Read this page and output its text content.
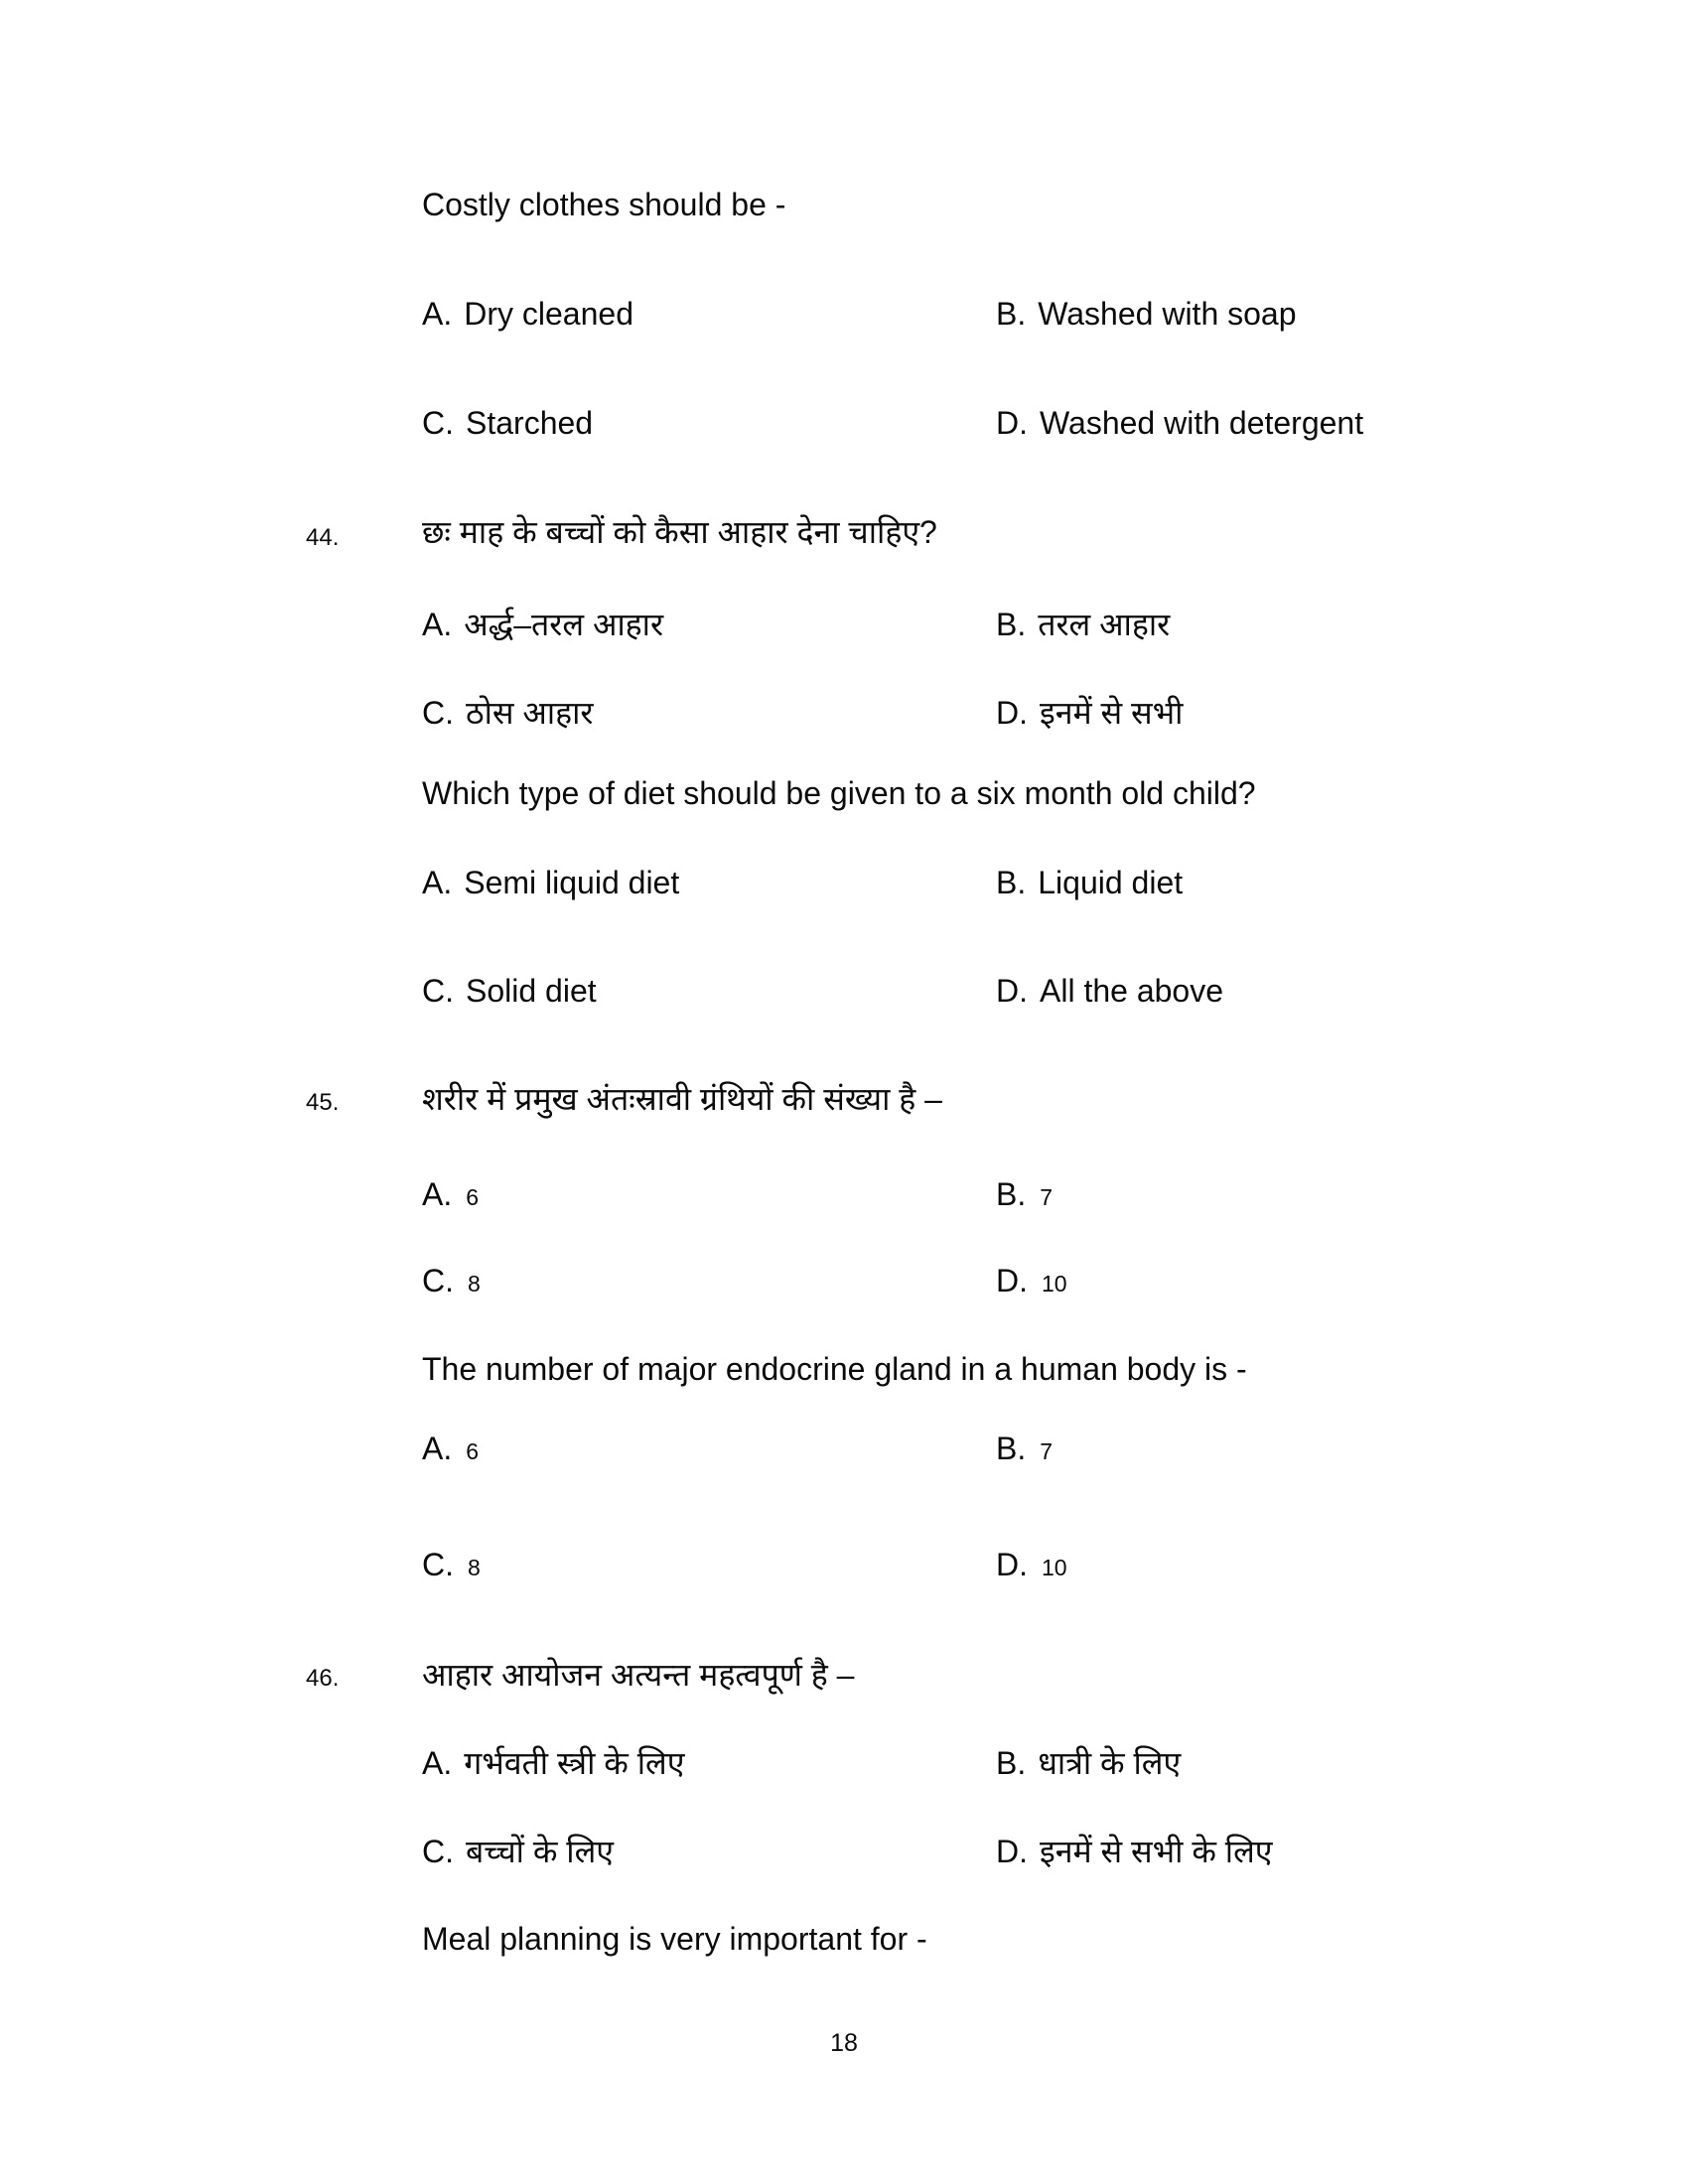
Costly clothes should be -
A. Dry cleaned	B. Washed with soap
C. Starched	D. Washed with detergent
44.	छः माह के बच्चों को कैसा आहार देना चाहिए?
A. अर्द्ध–तरल आहार	B. तरल आहार
C. ठोस आहार	D. इनमें से सभी
Which type of diet should be given to a six month old child?
A. Semi liquid diet	B. Liquid diet
C. Solid diet	D. All the above
45.	शरीर में प्रमुख अंतःस्रावी ग्रंथियों की संख्या है –
A. 6	B. 7
C. 8	D. 10
The number of major endocrine gland in a human body is -
A. 6	B. 7
C. 8	D. 10
46.	आहार आयोजन अत्यन्त महत्वपूर्ण है –
A. गर्भवती स्त्री के लिए	B. धात्री के लिए
C. बच्चों के लिए	D. इनमें से सभी के लिए
Meal planning is very important for -
18
